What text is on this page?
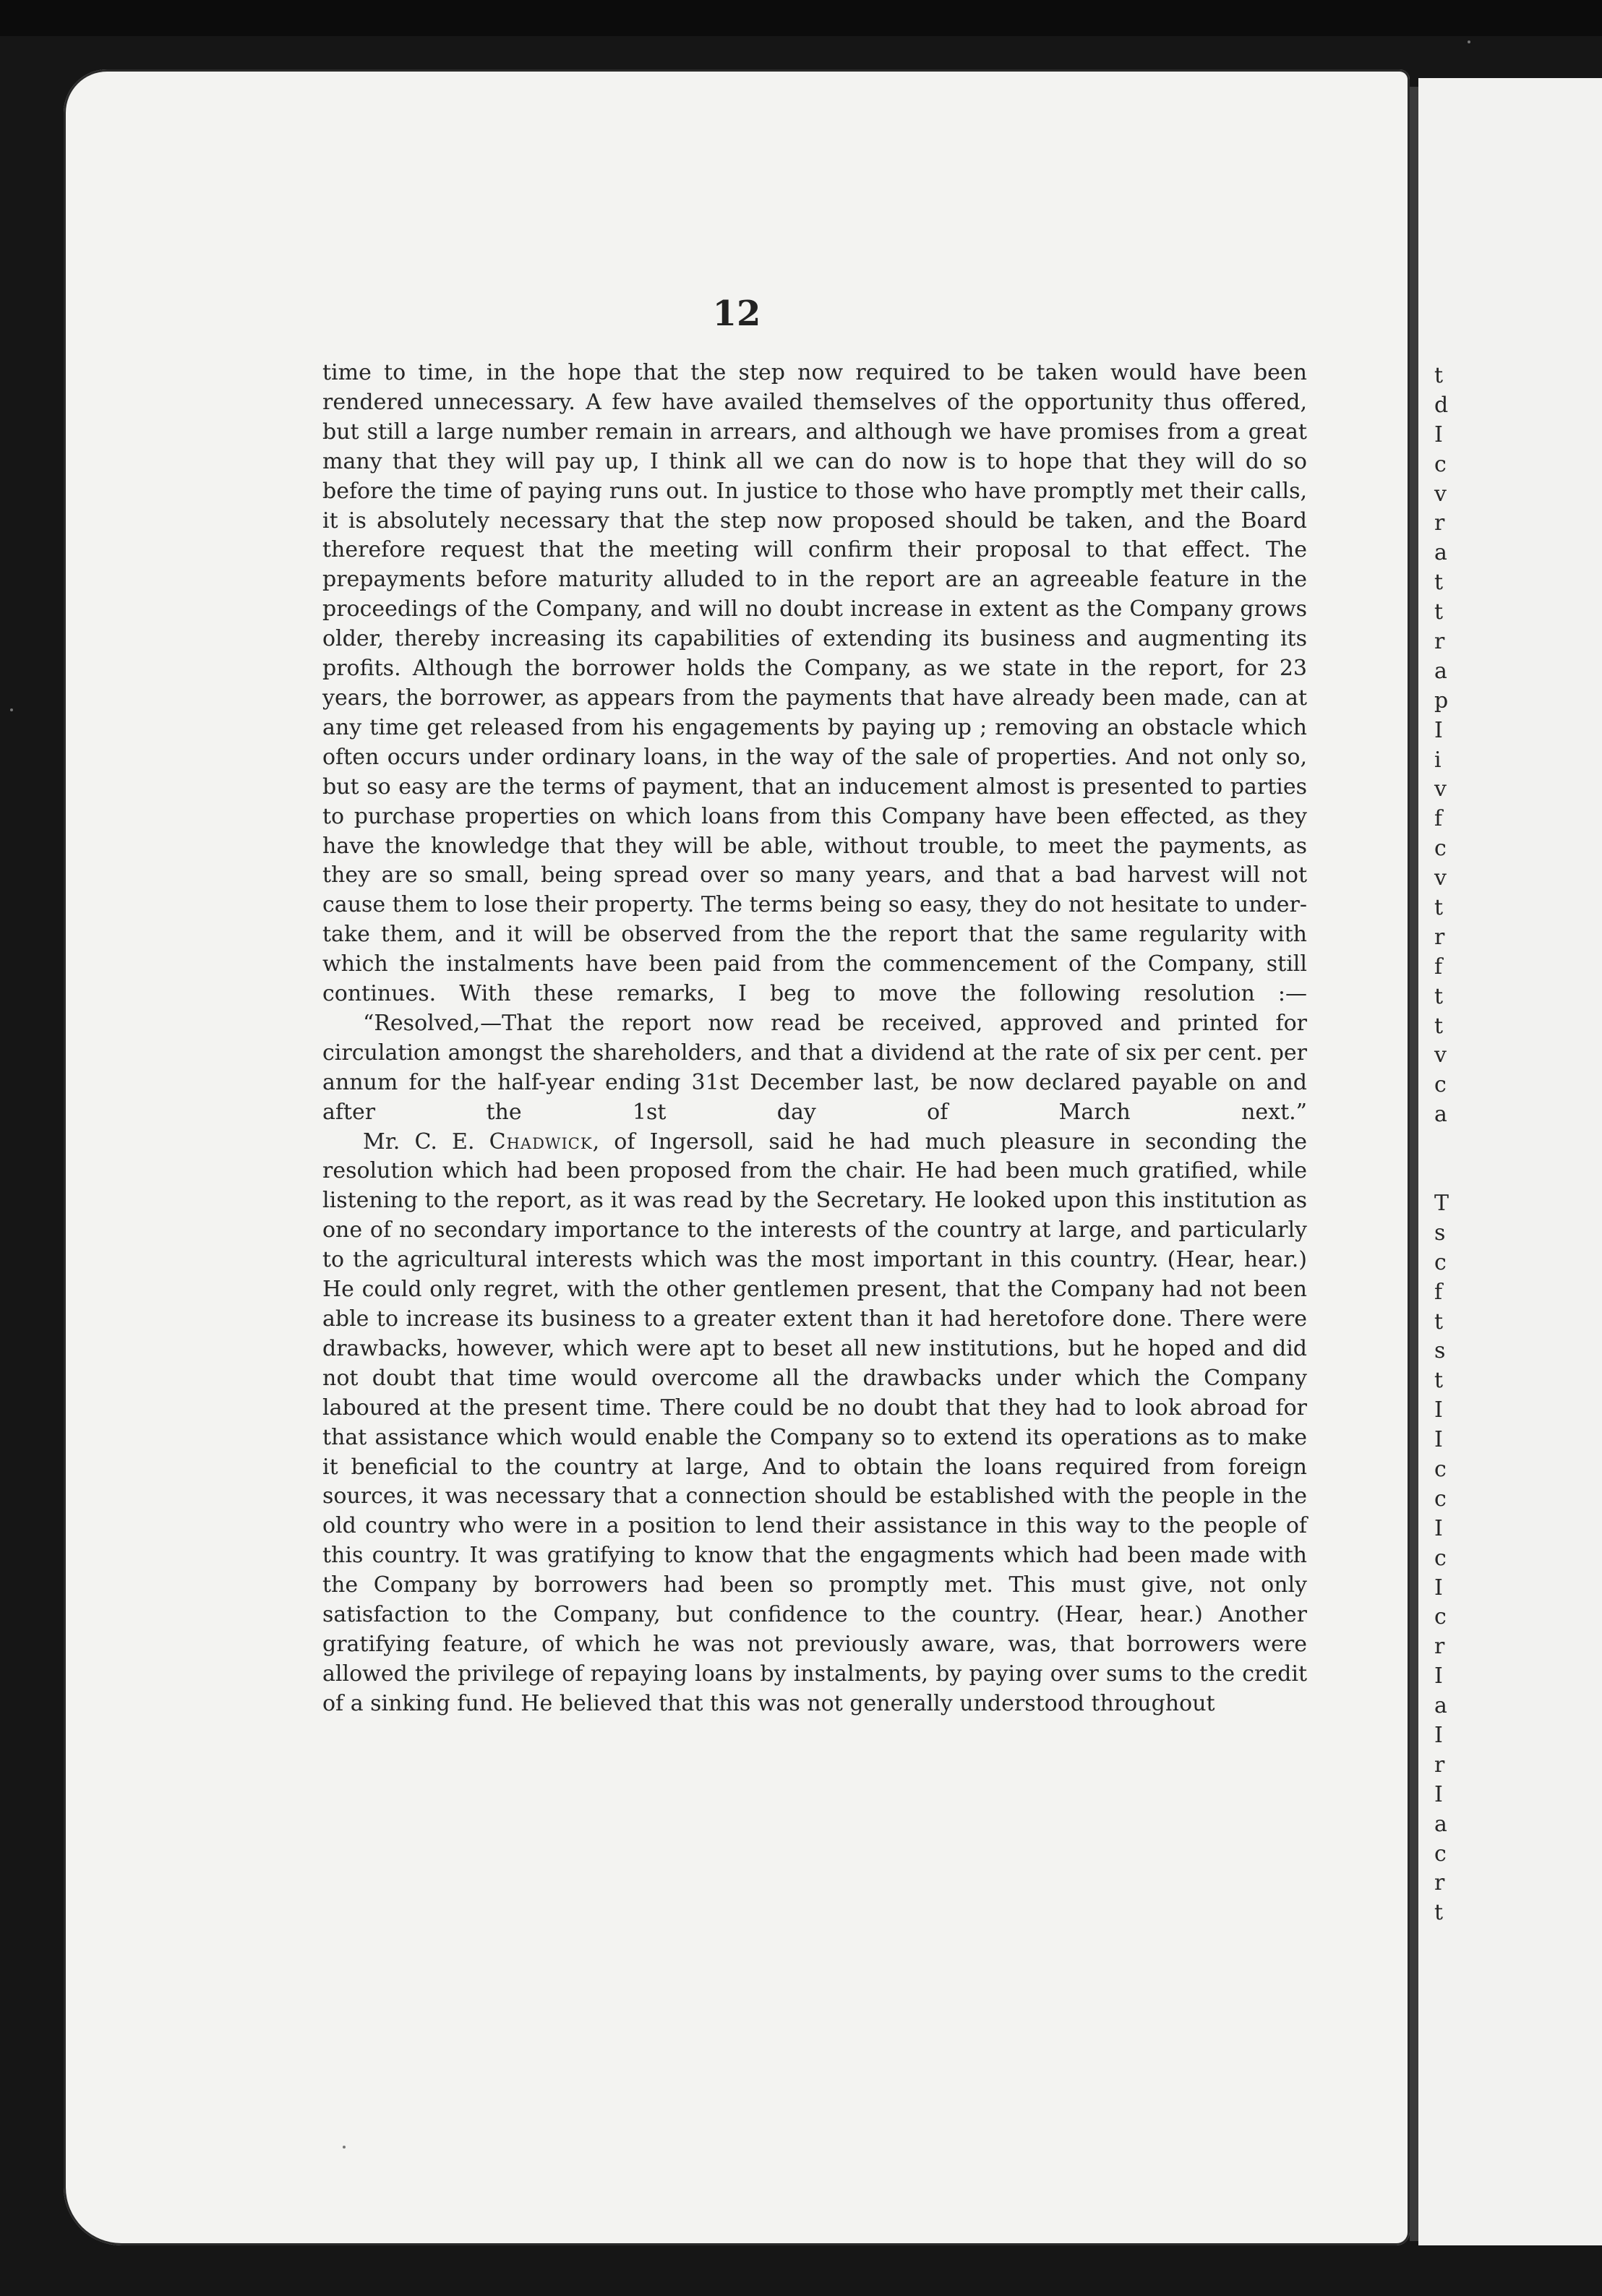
12

time to time, in the hope that the step now required to be taken would have been rendered unnecessary. A few have availed themselves of the opportunity thus offered, but still a large number remain in arrears, and although we have promises from a great many that they will pay up, I think all we can do now is to hope that they will do so before the time of paying runs out. In justice to those who have promptly met their calls, it is absolutely necessary that the step now proposed should be taken, and the Board therefore request that the meeting will confirm their proposal to that effect. The prepayments before maturity alluded to in the report are an agreeable feature in the proceedings of the Company, and will no doubt increase in extent as the Company grows older, thereby increasing its capabilities of extending its business and augmenting its profits. Although the borrower holds the Company, as we state in the report, for 23 years, the borrower, as appears from the payments that have already been made, can at any time get released from his engagements by paying up ; removing an obstacle which often occurs under ordinary loans, in the way of the sale of properties. And not only so, but so easy are the terms of payment, that an inducement almost is presented to parties to purchase properties on which loans from this Company have been effected, as they have the knowledge that they will be able, without trouble, to meet the payments, as they are so small, being spread over so many years, and that a bad harvest will not cause them to lose their property. The terms being so easy, they do not hesitate to undertake them, and it will be observed from the the report that the same regularity with which the instalments have been paid from the commencement of the Company, still continues. With these remarks, I beg to move the following resolution :—

“Resolved,—That the report now read be received, approved and printed for circulation amongst the shareholders, and that a dividend at the rate of six per cent. per annum for the half-year ending 31st December last, be now declared payable on and after the 1st day of March next.”

Mr. C. E. Chadwick, of Ingersoll, said he had much pleasure in seconding the resolution which had been proposed from the chair. He had been much gratified, while listening to the report, as it was read by the Secretary. He looked upon this institution as one of no secondary importance to the interests of the country at large, and particularly to the agricultural interests which was the most important in this country. (Hear, hear.) He could only regret, with the other gentlemen present, that the Company had not been able to increase its business to a greater extent than it had heretofore done. There were drawbacks, however, which were apt to beset all new institutions, but he hoped and did not doubt that time would overcome all the drawbacks under which the Company laboured at the present time. There could be no doubt that they had to look abroad for that assistance which would enable the Company so to extend its operations as to make it beneficial to the country at large, And to obtain the loans required from foreign sources, it was necessary that a connection should be established with the people in the old country who were in a position to lend their assistance in this way to the people of this country. It was gratifying to know that the engagments which had been made with the Company by borrowers had been so promptly met. This must give, not only satisfaction to the Company, but confidence to the country. (Hear, hear.) Another gratifying feature, of which he was not previously aware, was, that borrowers were allowed the privilege of repaying loans by instalments, by paying over sums to the credit of a sinking fund. He believed that this was not generally understood throughout

t
d
I
c
v
r
a
t
t
r
a
p
I
i
v
f
c
v
t
r
f
t
t
v
c
a
T
s
c
f
t
s
t
I
I
c
c
I
c
I
c
r
I
a
I
r
I
a
c
r
t
